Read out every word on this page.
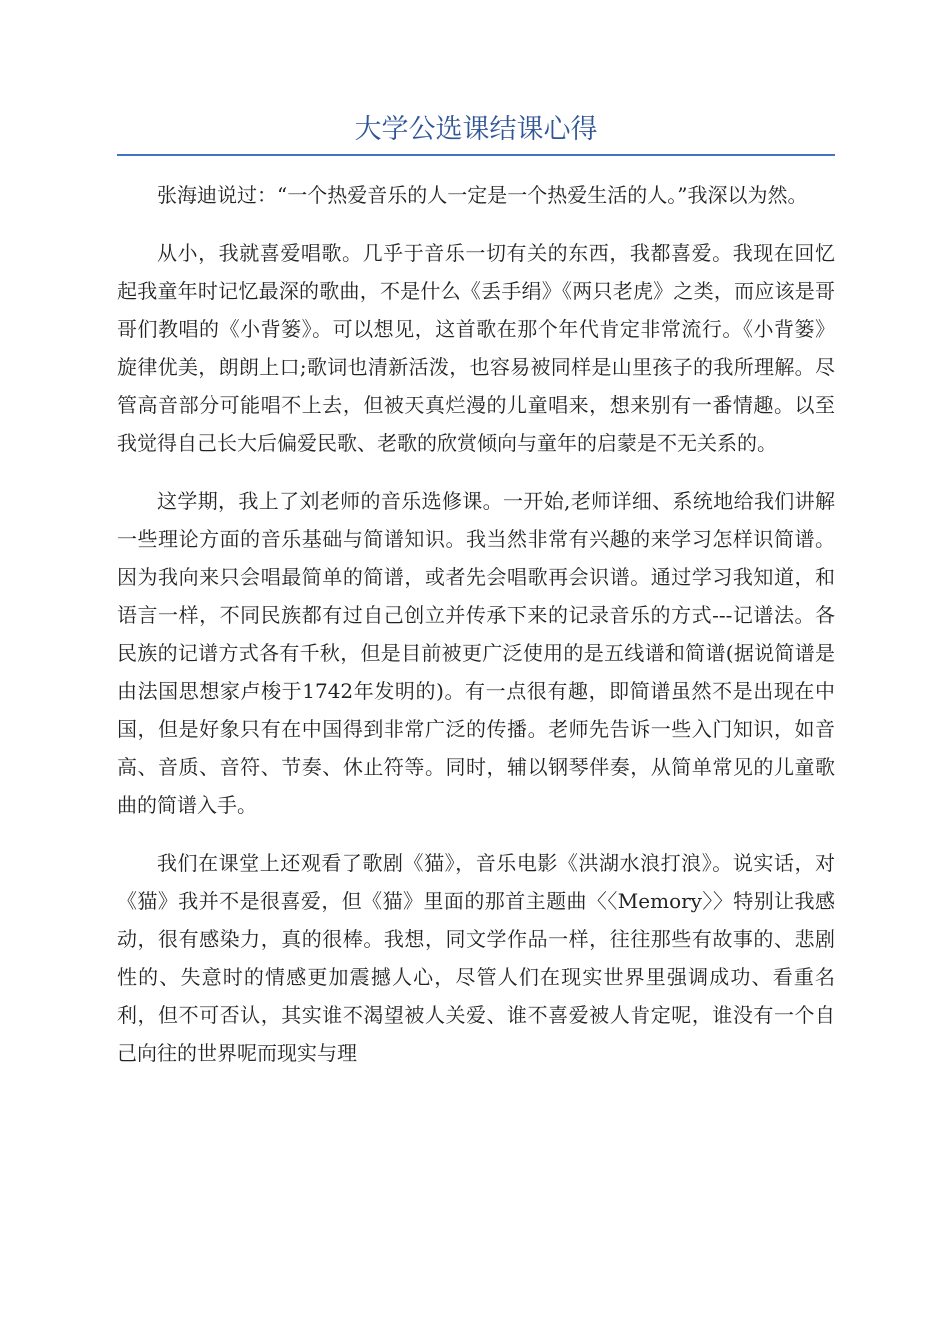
大学公选课结课心得

张海迪说过：“一个热爱音乐的人一定是一个热爱生活的人。”我深以为然。

从小，我就喜爱唱歌。几乎于音乐一切有关的东西，我都喜爱。我现在回忆起我童年时记忆最深的歌曲，不是什么《丢手绢》《两只老虎》之类，而应该是哥哥们教唱的《小背篓》。可以想见，这首歌在那个年代肯定非常流行。《小背篓》旋律优美，朗朗上口;歌词也清新活泼，也容易被同样是山里孩子的我所理解。尽管高音部分可能唱不上去，但被天真烂漫的儿童唱来，想来别有一番情趣。以至我觉得自己长大后偏爱民歌、老歌的欣赏倾向与童年的启蒙是不无关系的。

这学期，我上了刘老师的音乐选修课。一开始,老师详细、系统地给我们讲解一些理论方面的音乐基础与简谱知识。我当然非常有兴趣的来学习怎样识简谱。因为我向来只会唱最简单的简谱，或者先会唱歌再会识谱。通过学习我知道，和语言一样，不同民族都有过自己创立并传承下来的记录音乐的方式---记谱法。各民族的记谱方式各有千秋，但是目前被更广泛使用的是五线谱和简谱(据说简谱是由法国思想家卢梭于1742年发明的)。有一点很有趣，即简谱虽然不是出现在中国，但是好象只有在中国得到非常广泛的传播。老师先告诉一些入门知识，如音高、音质、音符、节奏、休止符等。同时，辅以钢琴伴奏，从简单常见的儿童歌曲的简谱入手。

我们在课堂上还观看了歌剧《猫》，音乐电影《洪湖水浪打浪》。说实话，对《猫》我并不是很喜爱，但《猫》里面的那首主题曲〈〈Memory〉〉特别让我感动，很有感染力，真的很棒。我想，同文学作品一样，往往那些有故事的、悲剧性的、失意时的情感更加震撼人心，尽管人们在现实世界里强调成功、看重名利，但不可否认，其实谁不渴望被人关爱、谁不喜爱被人肯定呢，谁没有一个自己向往的世界呢而现实与理
